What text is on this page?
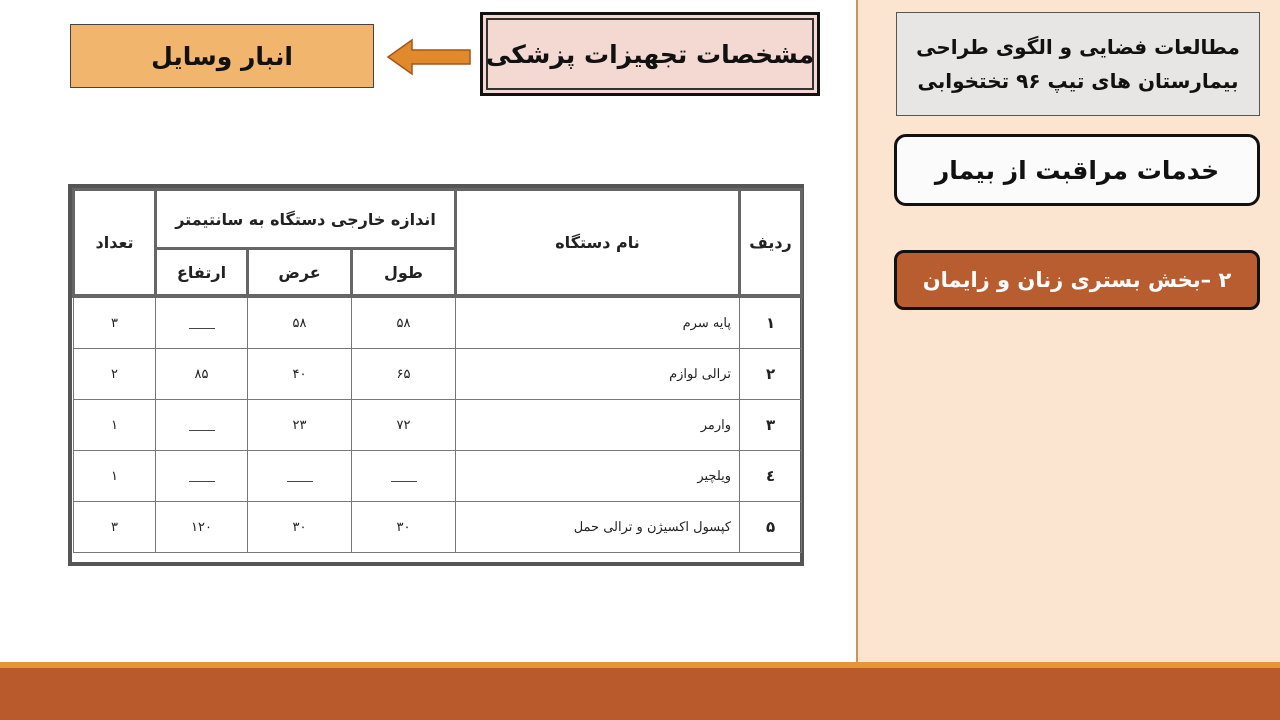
مطالعات فضایی و الگوی طراحی
بیمارستان های تیپ ۹۶ تختخوابی
خدمات مراقبت از بیمار
۲ –بخش بستری زنان و زایمان
مشخصات تجهیزات پزشکی
انبار وسایل
ردیف	نام دستگاه	اندازه خارجی دستگاه به سانتیمتر			تعداد
		طول	عرض	ارتفاع	
۱	پایه سرم	۵۸	۵۸		۳
۲	ترالی لوازم	۶۵	۴۰	۸۵	۲
۳	وارمر	۷۲	۲۳		۱
٤	ویلچیر				۱
۵	کپسول اکسیژن و ترالی حمل	۳۰	۳۰	۱۲۰	۳
